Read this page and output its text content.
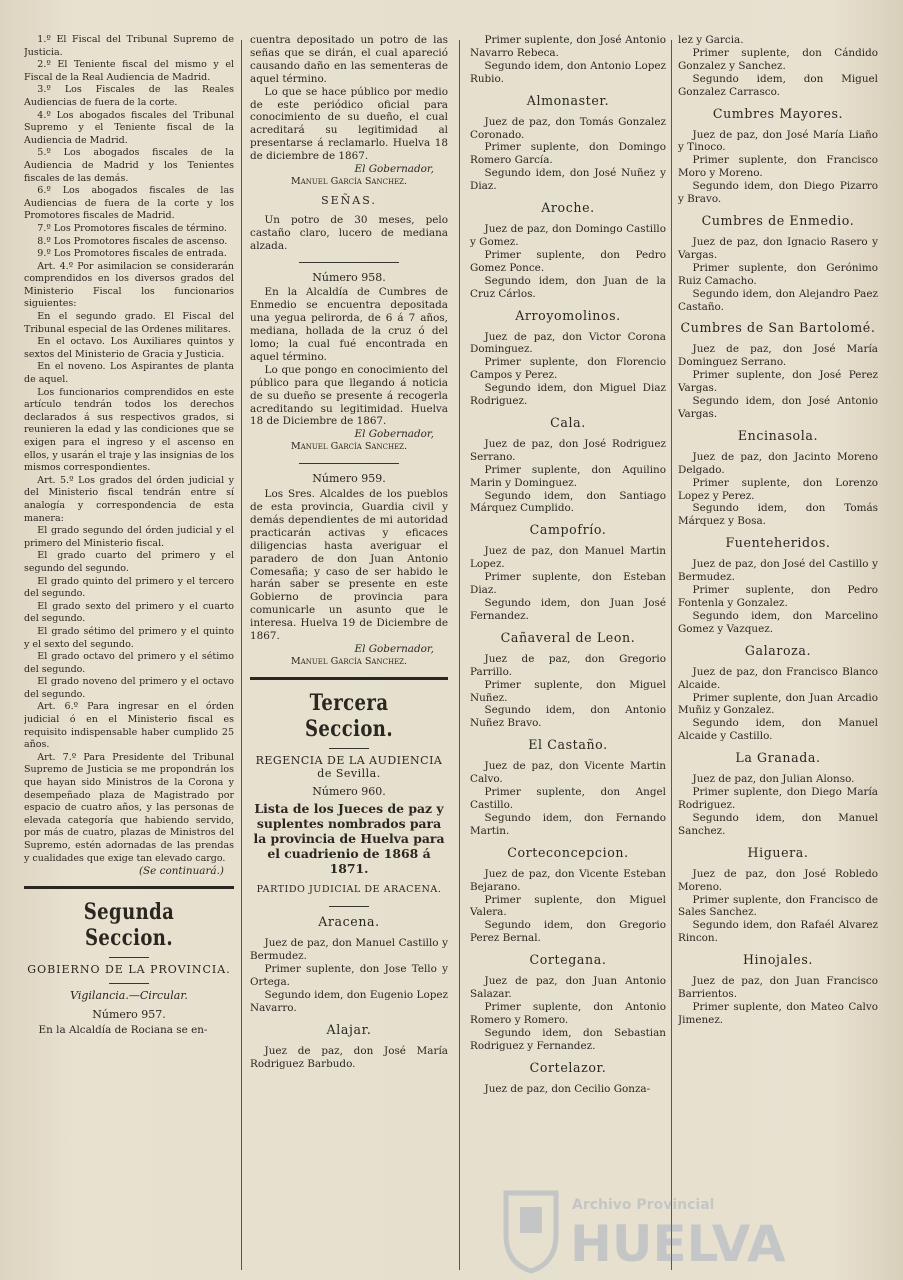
1.º El Fiscal del Tribunal Supremo de Justicia.

2.º El Teniente fiscal del mismo y el Fiscal de la Real Audiencia de Madrid.

3.º Los Fiscales de las Reales Audiencias de fuera de la corte.

4.º Los abogados fiscales del Tribunal Supremo y el Teniente fiscal de la Audiencia de Madrid.

5.º Los abogados fiscales de la Audiencia de Madrid y los Tenientes fiscales de las demás.

6.º Los abogados fiscales de las Audiencias de fuera de la corte y los Promotores fiscales de Madrid.

7.º Los Promotores fiscales de término.

8.º Los Promotores fiscales de ascenso.

9.º Los Promotores fiscales de entrada.

Art. 4.º Por asimilacion se considerarán comprendidos en los diversos grados del Ministerio Fiscal los funcionarios siguientes:

En el segundo grado. El Fiscal del Tribunal especial de las Ordenes militares.

En el octavo. Los Auxiliares quintos y sextos del Ministerio de Gracia y Justicia.

En el noveno. Los Aspirantes de planta de aquel.

Los funcionarios comprendidos en este artículo tendrán todos los derechos declarados á sus respectivos grados, si reunieren la edad y las condiciones que se exigen para el ingreso y el ascenso en ellos, y usarán el traje y las insignias de los mismos correspondientes.

Art. 5.º Los grados del órden judicial y del Ministerio fiscal tendrán entre sí analogía y correspondencia de esta manera:

El grado segundo del órden judicial y el primero del Ministerio fiscal.

El grado cuarto del primero y el segundo del segundo.

El grado quinto del primero y el tercero del segundo.

El grado sexto del primero y el cuarto del segundo.

El grado sétimo del primero y el quinto y el sexto del segundo.

El grado octavo del primero y el sétimo del segundo.

El grado noveno del primero y el octavo del segundo.

Art. 6.º Para ingresar en el órden judicial ó en el Ministerio fiscal es requisito indispensable haber cumplido 25 años.

Art. 7.º Para Presidente del Tribunal Supremo de Justicia se me propondrán los que hayan sido Ministros de la Corona y desempeñado plaza de Magistrado por espacio de cuatro años, y las personas de elevada categoría que habiendo servido, por más de cuatro, plazas de Ministros del Supremo, estén adornadas de las prendas y cualidades que exige tan elevado cargo.

(Se continuará.)

Segunda Seccion.
GOBIERNO DE LA PROVINCIA.
Vigilancia.—Circular.
Número 957.

En la Alcaldía de Rociana se en-

cuentra depositado un potro de las señas que se dirán, el cual apareció causando daño en las sementeras de aquel término.

Lo que se hace público por medio de este periódico oficial para conocimiento de su dueño, el cual acreditará su legitimidad al presentarse á reclamarlo. Huelva 18 de diciembre de 1867.

El Gobernador,

Manuel García Sanchez.

SEÑAS.

Un potro de 30 meses, pelo castaño claro, lucero de mediana alzada.

Número 958.

En la Alcaldía de Cumbres de Enmedio se encuentra depositada una yegua pelirorda, de 6 á 7 años, mediana, hollada de la cruz ó del lomo; la cual fué encontrada en aquel término.

Lo que pongo en conocimiento del público para que llegando á noticia de su dueño se presente á recogerla acreditando su legitimidad. Huelva 18 de Diciembre de 1867.

El Gobernador,

Manuel García Sanchez.

Número 959.

Los Sres. Alcaldes de los pueblos de esta provincia, Guardia civil y demás dependientes de mi autoridad practicarán activas y eficaces diligencias hasta averiguar el paradero de don Juan Antonio Comesaña; y caso de ser habido le harán saber se presente en este Gobierno de provincia para comunicarle un asunto que le interesa. Huelva 19 de Diciembre de 1867.

El Gobernador,

Manuel García Sanchez.

Tercera Seccion.
REGENCIA DE LA AUDIENCIA de Sevilla.
Número 960.
Lista de los Jueces de paz y suplentes nombrados para la provincia de Huelva para el cuadrienio de 1868 á 1871.
PARTIDO JUDICIAL DE ARACENA.
Aracena.

Juez de paz, don Manuel Castillo y Bermudez.

Primer suplente, don Jose Tello y Ortega.

Segundo idem, don Eugenio Lopez Navarro.

Alajar.

Juez de paz, don José María Rodriguez Barbudo.

Primer suplente, don José Antonio Navarro Rebeca.

Segundo idem, don Antonio Lopez Rubio.

Almonaster.

Juez de paz, don Tomás Gonzalez Coronado.

Primer suplente, don Domingo Romero García.

Segundo idem, don José Nuñez y Diaz.

Aroche.

Juez de paz, don Domingo Castillo y Gomez.

Primer suplente, don Pedro Gomez Ponce.

Segundo idem, don Juan de la Cruz Cárlos.

Arroyomolinos.

Juez de paz, don Victor Corona Dominguez.

Primer suplente, don Florencio Campos y Perez.

Segundo idem, don Miguel Diaz Rodriguez.

Cala.

Juez de paz, don José Rodriguez Serrano.

Primer suplente, don Aquilino Marin y Dominguez.

Segundo idem, don Santiago Márquez Cumplido.

Campofrío.

Juez de paz, don Manuel Martin Lopez.

Primer suplente, don Esteban Diaz.

Segundo idem, don Juan José Fernandez.

Cañaveral de Leon.

Juez de paz, don Gregorio Parrillo.

Primer suplente, don Miguel Nuñez.

Segundo idem, don Antonio Nuñez Bravo.

El Castaño.

Juez de paz, don Vicente Martin Calvo.

Primer suplente, don Angel Castillo.

Segundo idem, don Fernando Martin.

Corteconcepcion.

Juez de paz, don Vicente Esteban Bejarano.

Primer suplente, don Miguel Valera.

Segundo idem, don Gregorio Perez Bernal.

Cortegana.

Juez de paz, don Juan Antonio Salazar.

Primer suplente, don Antonio Romero y Romero.

Segundo idem, don Sebastian Rodriguez y Fernandez.

Cortelazor.

Juez de paz, don Cecilio Gonza-

lez y Garcia.

Primer suplente, don Cándido Gonzalez y Sanchez.

Segundo idem, don Miguel Gonzalez Carrasco.

Cumbres Mayores.

Juez de paz, don José María Liaño y Tinoco.

Primer suplente, don Francisco Moro y Moreno.

Segundo idem, don Diego Pizarro y Bravo.

Cumbres de Enmedio.

Juez de paz, don Ignacio Rasero y Vargas.

Primer suplente, don Gerónimo Ruiz Camacho.

Segundo idem, don Alejandro Paez Castaño.

Cumbres de San Bartolomé.

Juez de paz, don José María Dominguez Serrano.

Primer suplente, don José Perez Vargas.

Segundo idem, don José Antonio Vargas.

Encinasola.

Juez de paz, don Jacinto Moreno Delgado.

Primer suplente, don Lorenzo Lopez y Perez.

Segundo idem, don Tomás Márquez y Bosa.

Fuenteheridos.

Juez de paz, don José del Castillo y Bermudez.

Primer suplente, don Pedro Fontenla y Gonzalez.

Segundo idem, don Marcelino Gomez y Vazquez.

Galaroza.

Juez de paz, don Francisco Blanco Alcaide.

Primer suplente, don Juan Arcadio Muñiz y Gonzalez.

Segundo idem, don Manuel Alcaide y Castillo.

La Granada.

Juez de paz, don Julian Alonso.

Primer suplente, don Diego María Rodriguez.

Segundo idem, don Manuel Sanchez.

Higuera.

Juez de paz, don José Robledo Moreno.

Primer suplente, don Francisco de Sales Sanchez.

Segundo idem, don Rafaél Alvarez Rincon.

Hinojales.

Juez de paz, don Juan Francisco Barrientos.

Primer suplente, don Mateo Calvo Jimenez.

Archivo Provincial
HUELVA
